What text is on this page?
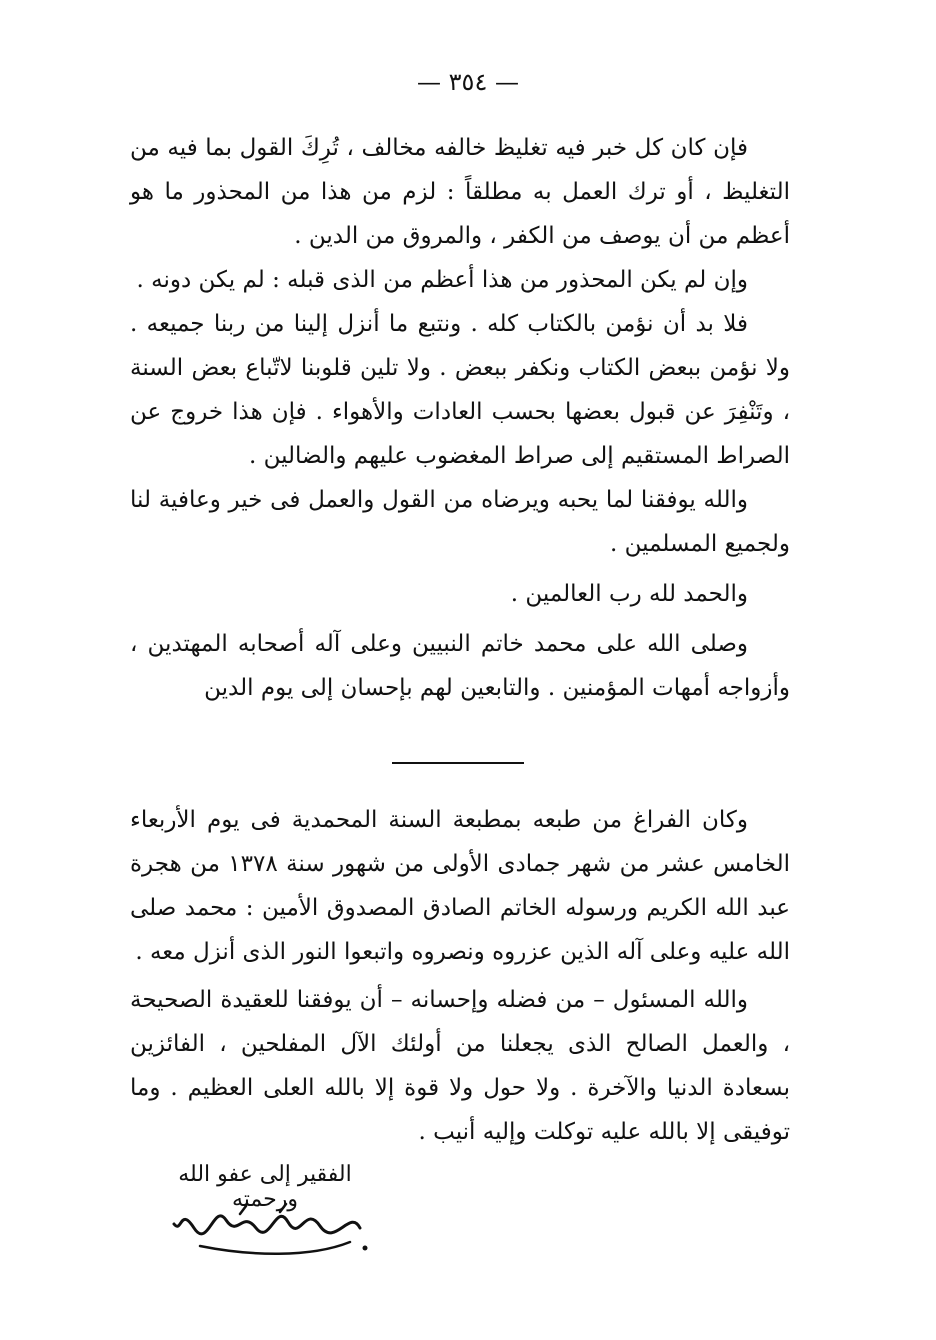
— ٣٥٤ —

فإن كان كل خبر فيه تغليظ خالفه مخالف ، تُرِكَ القول بما فيه من التغليظ ، أو ترك العمل به مطلقاً : لزم من هذا من المحذور ما هو أعظم من أن يوصف من الكفر ، والمروق من الدين .

وإن لم يكن المحذور من هذا أعظم من الذى قبله : لم يكن دونه .

فلا بد أن نؤمن بالكتاب كله . ونتبع ما أنزل إلينا من ربنا جميعه . ولا نؤمن ببعض الكتاب ونكفر ببعض . ولا تلين قلوبنا لاتّباع بعض السنة ، وتَنْفِرَ عن قبول بعضها بحسب العادات والأهواء . فإن هذا خروج عن الصراط المستقيم إلى صراط المغضوب عليهم والضالين .

والله يوفقنا لما يحبه ويرضاه من القول والعمل فى خير وعافية لنا ولجميع المسلمين .

والحمد لله رب العالمين .

وصلى الله على محمد خاتم النبيين وعلى آله أصحابه المهتدين ، وأزواجه أمهات المؤمنين . والتابعين لهم بإحسان إلى يوم الدين

وكان الفراغ من طبعه بمطبعة السنة المحمدية فى يوم الأربعاء الخامس عشر من شهر جمادى الأولى من شهور سنة ١٣٧٨ من هجرة عبد الله الكريم ورسوله الخاتم الصادق المصدوق الأمين : محمد صلى الله عليه وعلى آله الذين عزروه ونصروه واتبعوا النور الذى أنزل معه .

والله المسئول – من فضله وإحسانه – أن يوفقنا للعقيدة الصحيحة ، والعمل الصالح الذى يجعلنا من أولئك الآل المفلحين ، الفائزين بسعادة الدنيا والآخرة . ولا حول ولا قوة إلا بالله العلى العظيم . وما توفيقى إلا بالله عليه توكلت وإليه أنيب .

الفقير إلى عفو الله ورحمته
